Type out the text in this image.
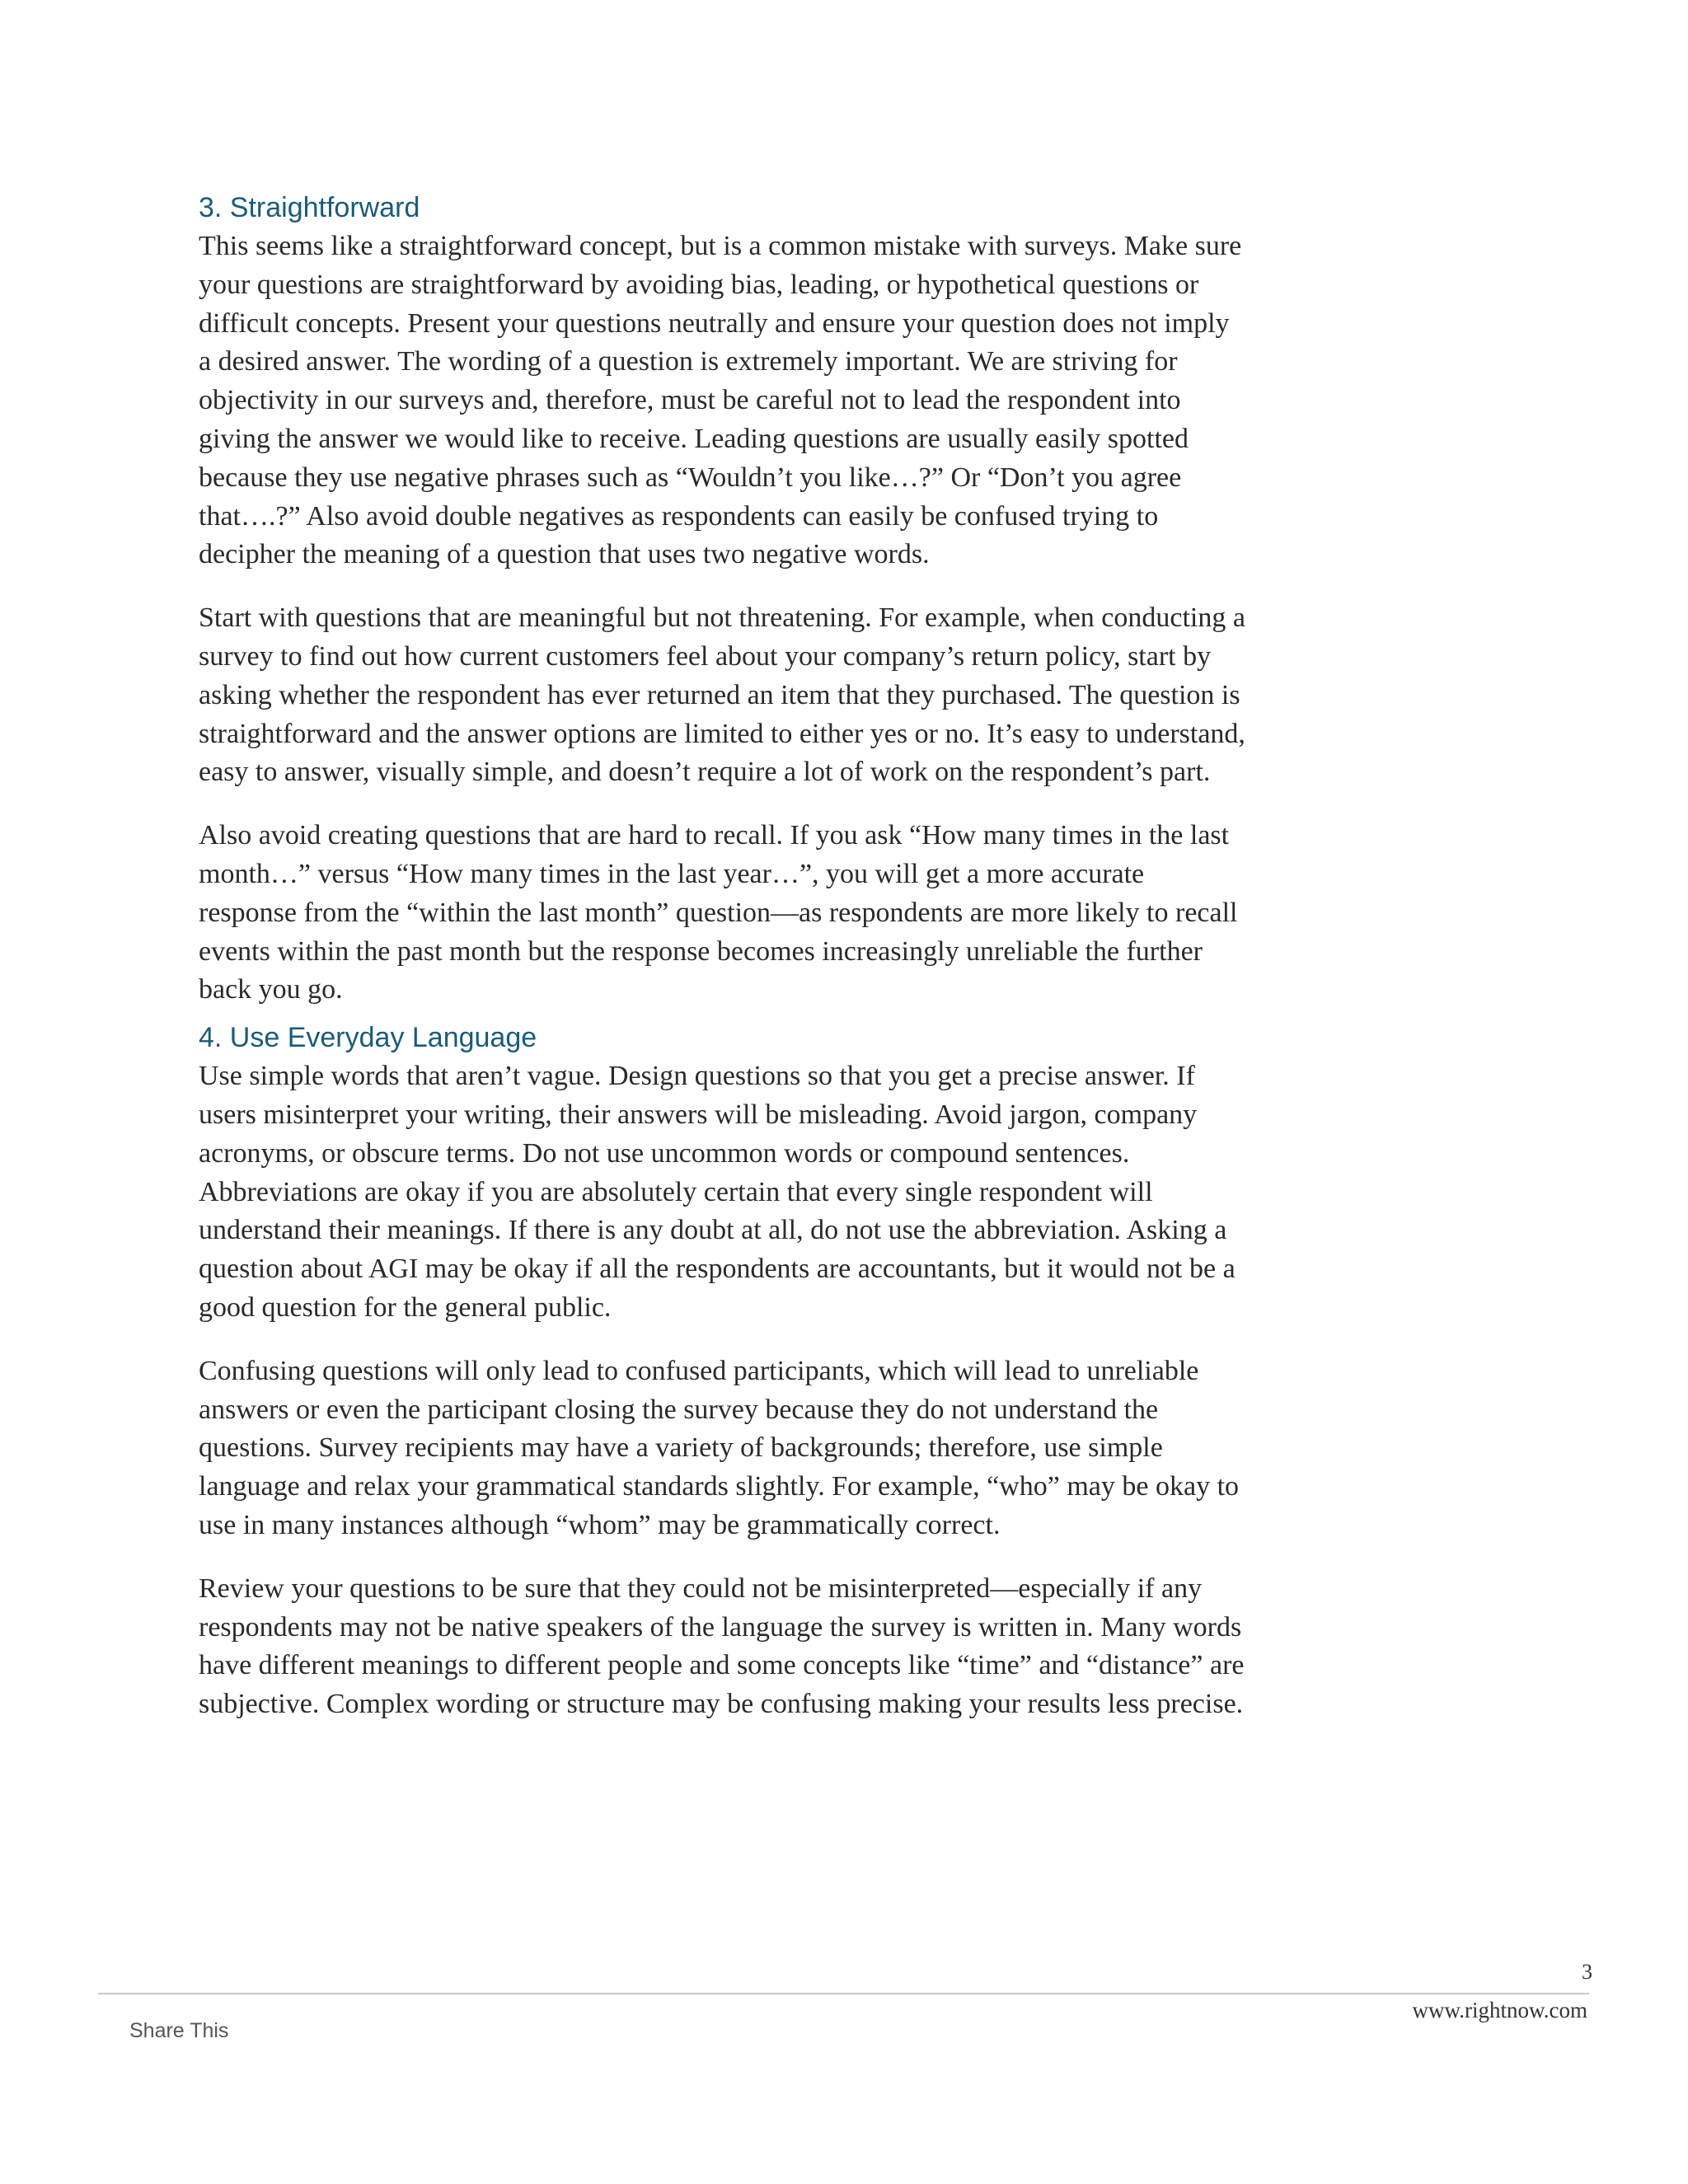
3. Straightforward

This seems like a straightforward concept, but is a common mistake with surveys. Make sure your questions are straightforward by avoiding bias, leading, or hypothetical questions or difficult concepts. Present your questions neutrally and ensure your question does not imply a desired answer. The wording of a question is extremely important. We are striving for objectivity in our surveys and, therefore, must be careful not to lead the respondent into giving the answer we would like to receive. Leading questions are usually easily spotted because they use negative phrases such as “Wouldn’t you like…?” Or “Don’t you agree that….?” Also avoid double negatives as respondents can easily be confused trying to decipher the meaning of a question that uses two negative words.

Start with questions that are meaningful but not threatening. For example, when conducting a survey to find out how current customers feel about your company’s return policy, start by asking whether the respondent has ever returned an item that they purchased. The question is straightforward and the answer options are limited to either yes or no. It’s easy to understand, easy to answer, visually simple, and doesn’t require a lot of work on the respondent’s part.

Also avoid creating questions that are hard to recall. If you ask “How many times in the last month…” versus “How many times in the last year…”, you will get a more accurate response from the “within the last month” question—as respondents are more likely to recall events within the past month but the response becomes increasingly unreliable the further back you go.

4. Use Everyday Language

Use simple words that aren’t vague. Design questions so that you get a precise answer. If users misinterpret your writing, their answers will be misleading. Avoid jargon, company acronyms, or obscure terms. Do not use uncommon words or compound sentences. Abbreviations are okay if you are absolutely certain that every single respondent will understand their meanings. If there is any doubt at all, do not use the abbreviation. Asking a question about AGI may be okay if all the respondents are accountants, but it would not be a good question for the general public.

Confusing questions will only lead to confused participants, which will lead to unreliable answers or even the participant closing the survey because they do not understand the questions. Survey recipients may have a variety of backgrounds; therefore, use simple language and relax your grammatical standards slightly. For example, “who” may be okay to use in many instances although “whom” may be grammatically correct.

Review your questions to be sure that they could not be misinterpreted—especially if any respondents may not be native speakers of the language the survey is written in. Many words have different meanings to different people and some concepts like “time” and “distance” are subjective. Complex wording or structure may be confusing making your results less precise.

3
www.rightnow.com
Share This
